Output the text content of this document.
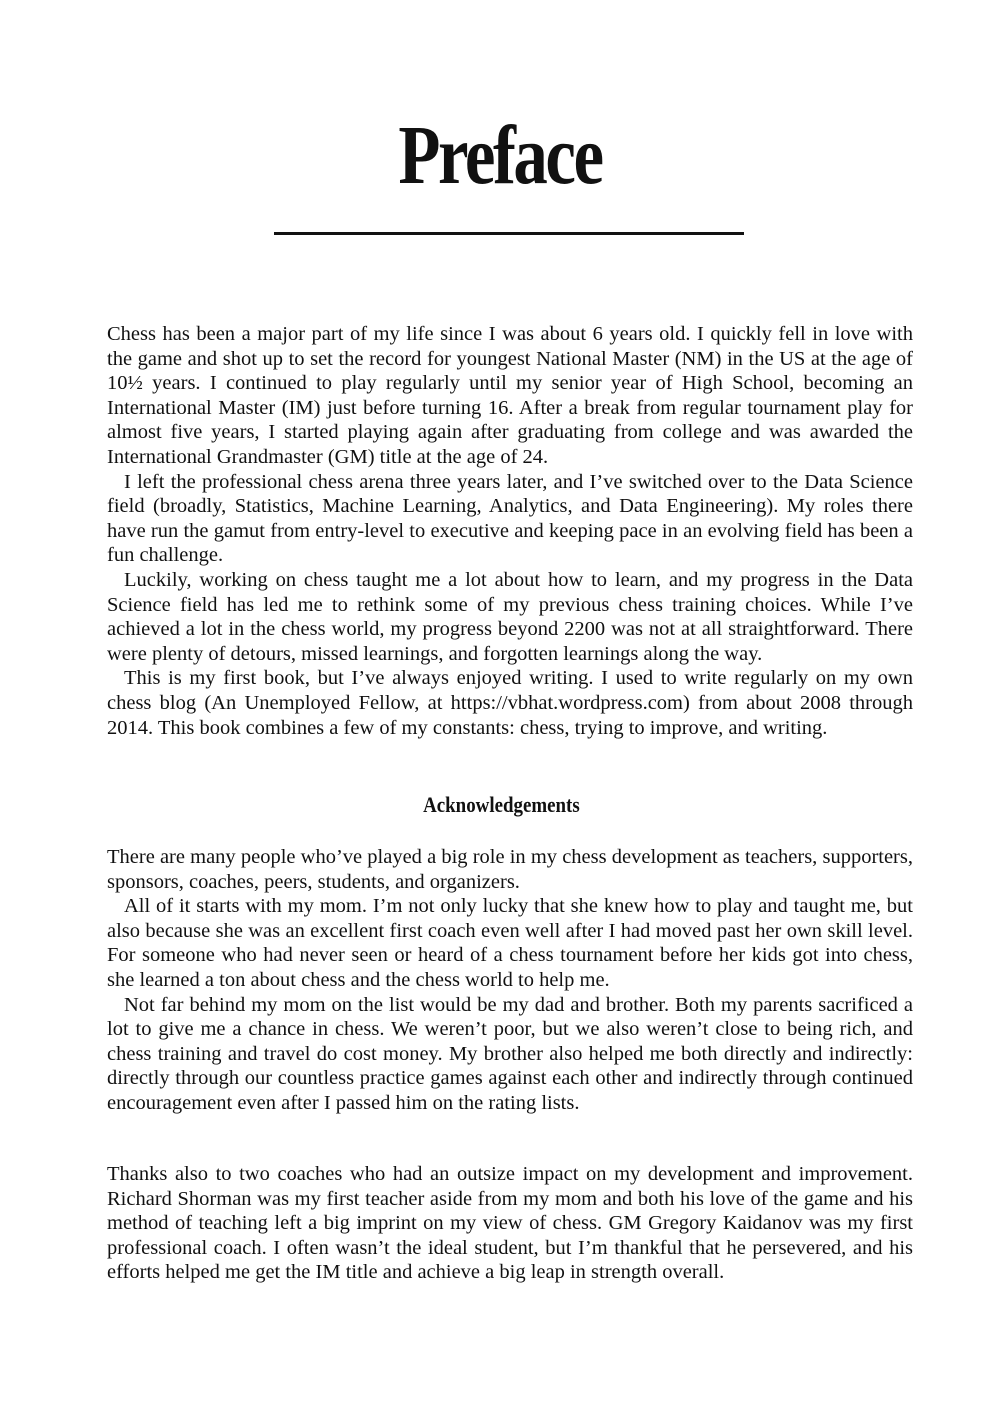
Preface

Chess has been a major part of my life since I was about 6 years old. I quickly fell in love with the game and shot up to set the record for youngest National Master (NM) in the US at the age of 10½ years. I continued to play regularly until my senior year of High School, becoming an International Master (IM) just before turning 16. After a break from regular tournament play for almost five years, I started playing again after graduating from college and was awarded the International Grandmaster (GM) title at the age of 24.

I left the professional chess arena three years later, and I’ve switched over to the Data Science field (broadly, Statistics, Machine Learning, Analytics, and Data Engineering). My roles there have run the gamut from entry-level to executive and keeping pace in an evolving field has been a fun challenge.

Luckily, working on chess taught me a lot about how to learn, and my progress in the Data Science field has led me to rethink some of my previous chess training choices. While I’ve achieved a lot in the chess world, my progress beyond 2200 was not at all straightforward. There were plenty of detours, missed learnings, and forgotten learnings along the way.

This is my first book, but I’ve always enjoyed writing. I used to write regularly on my own chess blog (An Unemployed Fellow, at https://vbhat.wordpress.com) from about 2008 through 2014. This book combines a few of my constants: chess, trying to improve, and writing.

Acknowledgements

There are many people who’ve played a big role in my chess development as teachers, supporters, sponsors, coaches, peers, students, and organizers.

All of it starts with my mom. I’m not only lucky that she knew how to play and taught me, but also because she was an excellent first coach even well after I had moved past her own skill level. For someone who had never seen or heard of a chess tournament before her kids got into chess, she learned a ton about chess and the chess world to help me.

Not far behind my mom on the list would be my dad and brother. Both my parents sacrificed a lot to give me a chance in chess. We weren’t poor, but we also weren’t close to being rich, and chess training and travel do cost money. My brother also helped me both directly and indirectly: directly through our countless practice games against each other and indirectly through continued encouragement even after I passed him on the rating lists.

Thanks also to two coaches who had an outsize impact on my development and improvement. Richard Shorman was my first teacher aside from my mom and both his love of the game and his method of teaching left a big imprint on my view of chess. GM Gregory Kaidanov was my first professional coach. I often wasn’t the ideal student, but I’m thankful that he persevered, and his efforts helped me get the IM title and achieve a big leap in strength overall.
